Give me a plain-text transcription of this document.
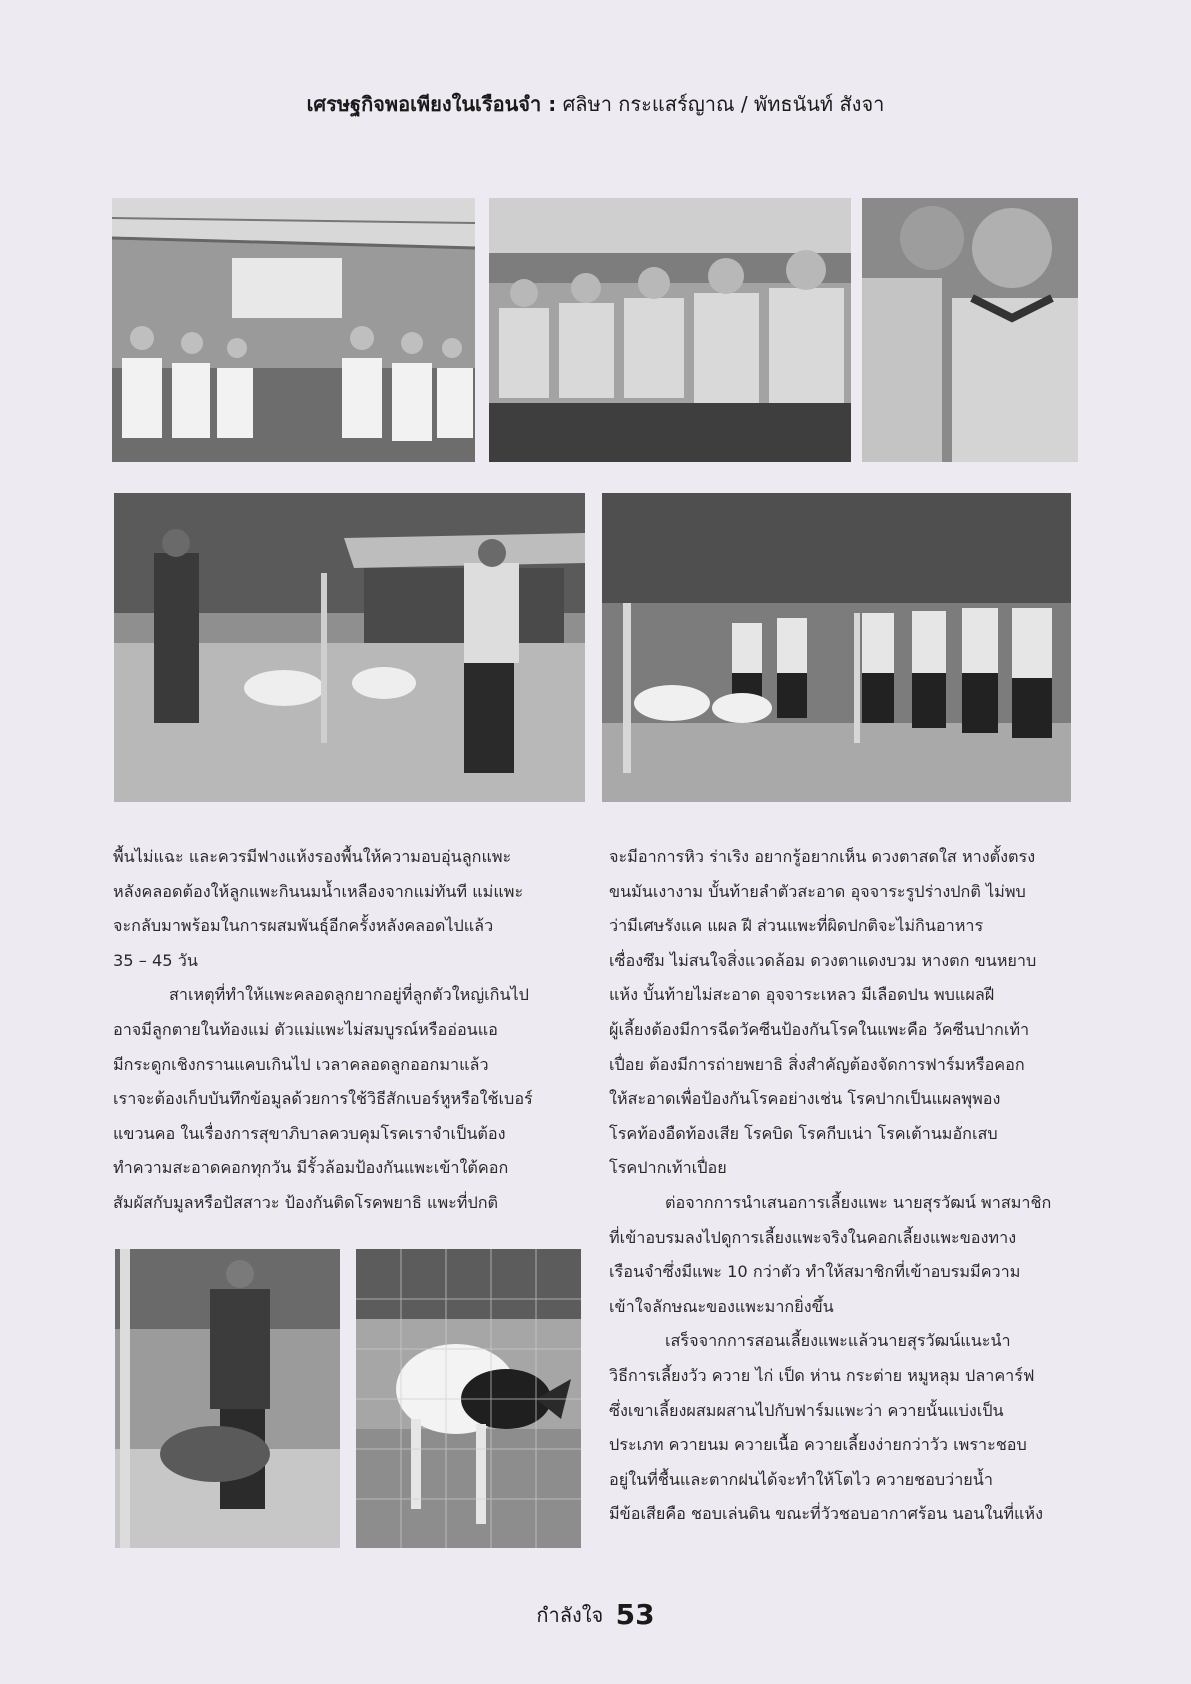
เศรษฐกิจพอเพียงในเรือนจำ : ศลิษา กระแสร์ญาณ / พัทธนันท์ สังจา

พื้นไม่แฉะ และควรมีฟางแห้งรองพื้นให้ความอบอุ่นลูกแพะ
หลังคลอดต้องให้ลูกแพะกินนมน้ำเหลืองจากแม่ทันที แม่แพะ
จะกลับมาพร้อมในการผสมพันธุ์อีกครั้งหลังคลอดไปแล้ว
35 – 45 วัน

สาเหตุที่ทำให้แพะคลอดลูกยากอยู่ที่ลูกตัวใหญ่เกินไป
อาจมีลูกตายในท้องแม่ ตัวแม่แพะไม่สมบูรณ์หรืออ่อนแอ
มีกระดูกเชิงกรานแคบเกินไป เวลาคลอดลูกออกมาแล้ว
เราจะต้องเก็บบันทึกข้อมูลด้วยการใช้วิธีสักเบอร์หูหรือใช้เบอร์
แขวนคอ ในเรื่องการสุขาภิบาลควบคุมโรคเราจำเป็นต้อง
ทำความสะอาดคอกทุกวัน มีรั้วล้อมป้องกันแพะเข้าใต้คอก
สัมผัสกับมูลหรือปัสสาวะ ป้องกันติดโรคพยาธิ แพะที่ปกติ

จะมีอาการหิว ร่าเริง อยากรู้อยากเห็น ดวงตาสดใส หางตั้งตรง
ขนมันเงางาม บั้นท้ายลำตัวสะอาด อุจจาระรูปร่างปกติ ไม่พบ
ว่ามีเศษรังแค แผล ฝี ส่วนแพะที่ผิดปกติจะไม่กินอาหาร
เซื่องซึม ไม่สนใจสิ่งแวดล้อม ดวงตาแดงบวม หางตก ขนหยาบ
แห้ง บั้นท้ายไม่สะอาด อุจจาระเหลว มีเลือดปน พบแผลฝี
ผู้เลี้ยงต้องมีการฉีดวัคซีนป้องกันโรคในแพะคือ วัคซีนปากเท้า
เปื่อย ต้องมีการถ่ายพยาธิ สิ่งสำคัญต้องจัดการฟาร์มหรือคอก
ให้สะอาดเพื่อป้องกันโรคอย่างเช่น โรคปากเป็นแผลพุพอง
โรคท้องอืดท้องเสีย โรคบิด โรคกีบเน่า โรคเต้านมอักเสบ
โรคปากเท้าเปื่อย

ต่อจากการนำเสนอการเลี้ยงแพะ นายสุรวัฒน์ พาสมาชิก
ที่เข้าอบรมลงไปดูการเลี้ยงแพะจริงในคอกเลี้ยงแพะของทาง
เรือนจำซึ่งมีแพะ 10 กว่าตัว ทำให้สมาชิกที่เข้าอบรมมีความ
เข้าใจลักษณะของแพะมากยิ่งขึ้น

เสร็จจากการสอนเลี้ยงแพะแล้วนายสุรวัฒน์แนะนำ
วิธีการเลี้ยงวัว ควาย ไก่ เป็ด ห่าน กระต่าย หมูหลุม ปลาคาร์ฟ
ซึ่งเขาเลี้ยงผสมผสานไปกับฟาร์มแพะว่า ควายนั้นแบ่งเป็น
ประเภท ควายนม ควายเนื้อ ควายเลี้ยงง่ายกว่าวัว เพราะชอบ
อยู่ในที่ชื้นและตากฝนได้จะทำให้โตไว ควายชอบว่ายน้ำ
มีข้อเสียคือ ชอบเล่นดิน ขณะที่วัวชอบอากาศร้อน นอนในที่แห้ง

กำลังใจ 53
